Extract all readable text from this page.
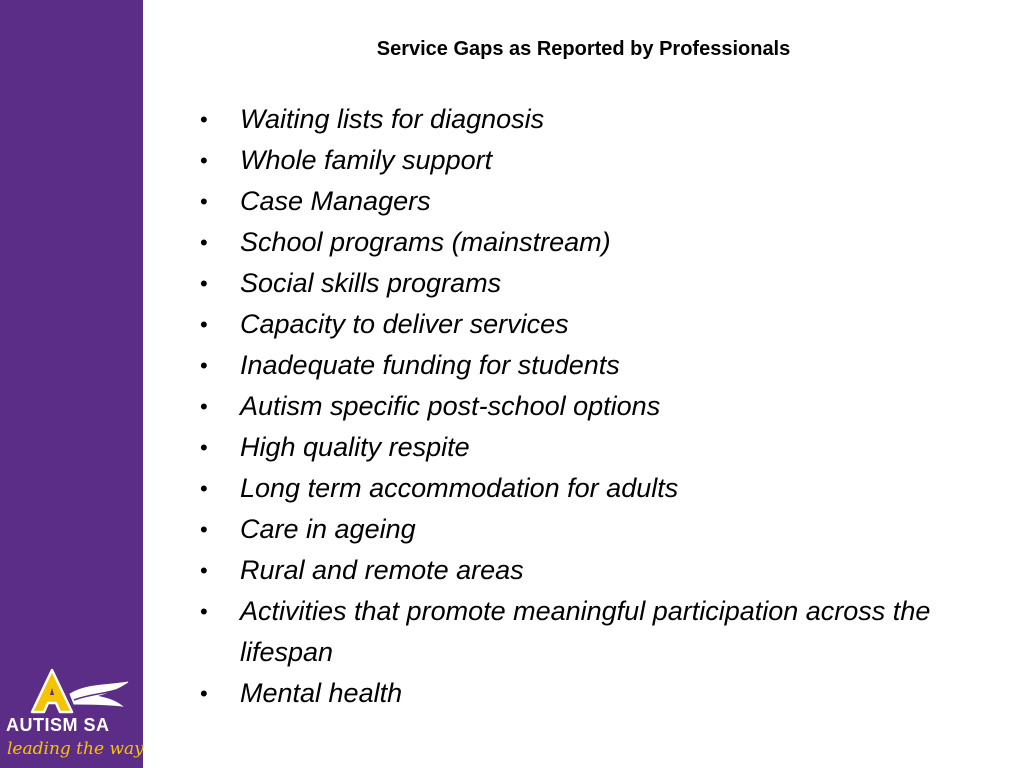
AUTISM SA
leading the way
Service Gaps as Reported by Professionals
• Waiting lists for diagnosis
• Whole family support
• Case Managers
• School programs (mainstream)
• Social skills programs
• Capacity to deliver services
• Inadequate funding for students
• Autism specific post-school options
• High quality respite
• Long term accommodation for adults
• Care in ageing
• Rural and remote areas
• Activities that promote meaningful participation across the lifespan
• Mental health
